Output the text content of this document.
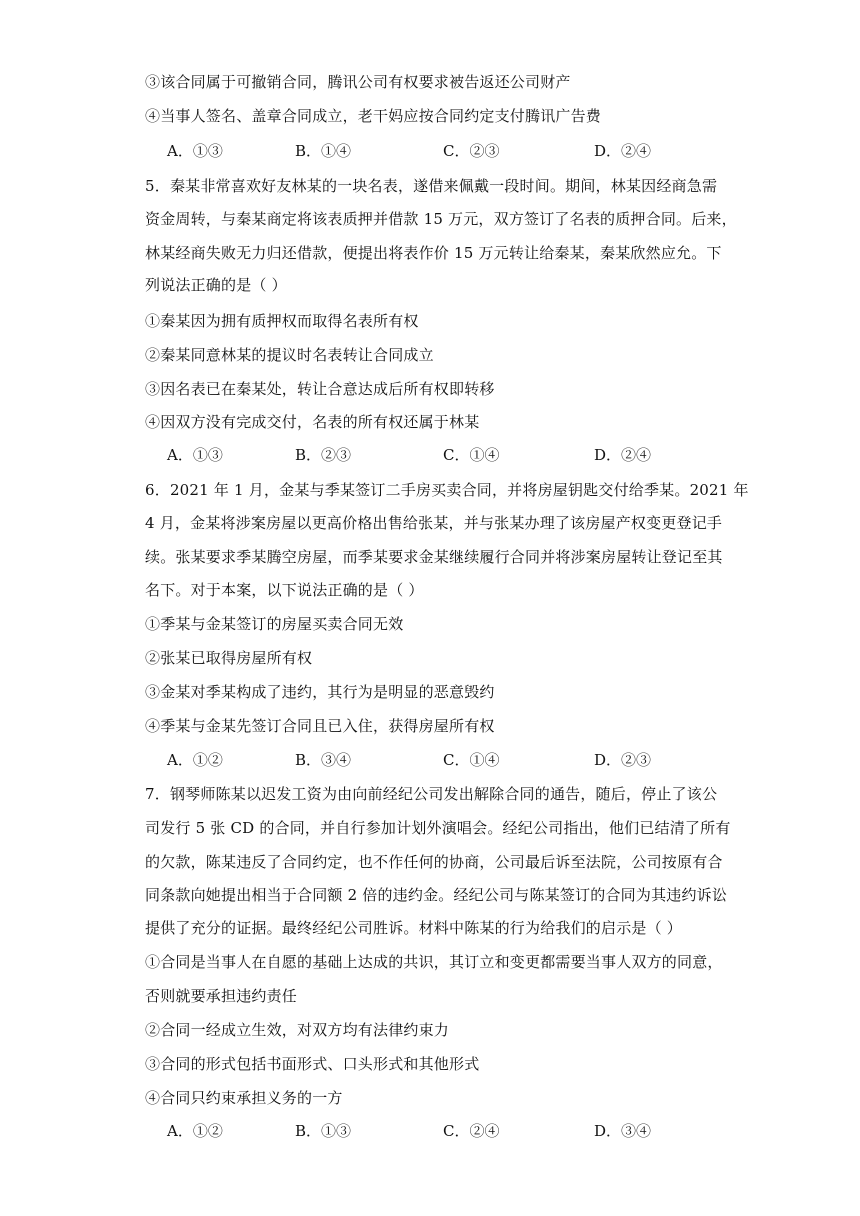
③该合同属于可撤销合同，腾讯公司有权要求被告返还公司财产
④当事人签名、盖章合同成立，老干妈应按合同约定支付腾讯广告费
A．①③	B．①④	C．②③	D．②④
5．秦某非常喜欢好友林某的一块名表，遂借来佩戴一段时间。期间，林某因经商急需
资金周转，与秦某商定将该表质押并借款 15 万元，双方签订了名表的质押合同。后来，
林某经商失败无力归还借款，便提出将表作价 15 万元转让给秦某，秦某欣然应允。下
列说法正确的是（ ）
①秦某因为拥有质押权而取得名表所有权
②秦某同意林某的提议时名表转让合同成立
③因名表已在秦某处，转让合意达成后所有权即转移
④因双方没有完成交付，名表的所有权还属于林某
A．①③	B．②③	C．①④	D．②④
6．2021 年 1 月，金某与季某签订二手房买卖合同，并将房屋钥匙交付给季某。2021 年
4 月，金某将涉案房屋以更高价格出售给张某，并与张某办理了该房屋产权变更登记手
续。张某要求季某腾空房屋，而季某要求金某继续履行合同并将涉案房屋转让登记至其
名下。对于本案，以下说法正确的是（ ）
①季某与金某签订的房屋买卖合同无效
②张某已取得房屋所有权
③金某对季某构成了违约，其行为是明显的恶意毁约
④季某与金某先签订合同且已入住，获得房屋所有权
A．①②	B．③④	C．①④	D．②③
7．钢琴师陈某以迟发工资为由向前经纪公司发出解除合同的通告，随后，停止了该公
司发行 5 张 CD 的合同，并自行参加计划外演唱会。经纪公司指出，他们已结清了所有
的欠款，陈某违反了合同约定，也不作任何的协商，公司最后诉至法院，公司按原有合
同条款向她提出相当于合同额 2 倍的违约金。经纪公司与陈某签订的合同为其违约诉讼
提供了充分的证据。最终经纪公司胜诉。材料中陈某的行为给我们的启示是（ ）
①合同是当事人在自愿的基础上达成的共识，其订立和变更都需要当事人双方的同意，
否则就要承担违约责任
②合同一经成立生效，对双方均有法律约束力
③合同的形式包括书面形式、口头形式和其他形式
④合同只约束承担义务的一方
A．①②	B．①③	C．②④	D．③④
